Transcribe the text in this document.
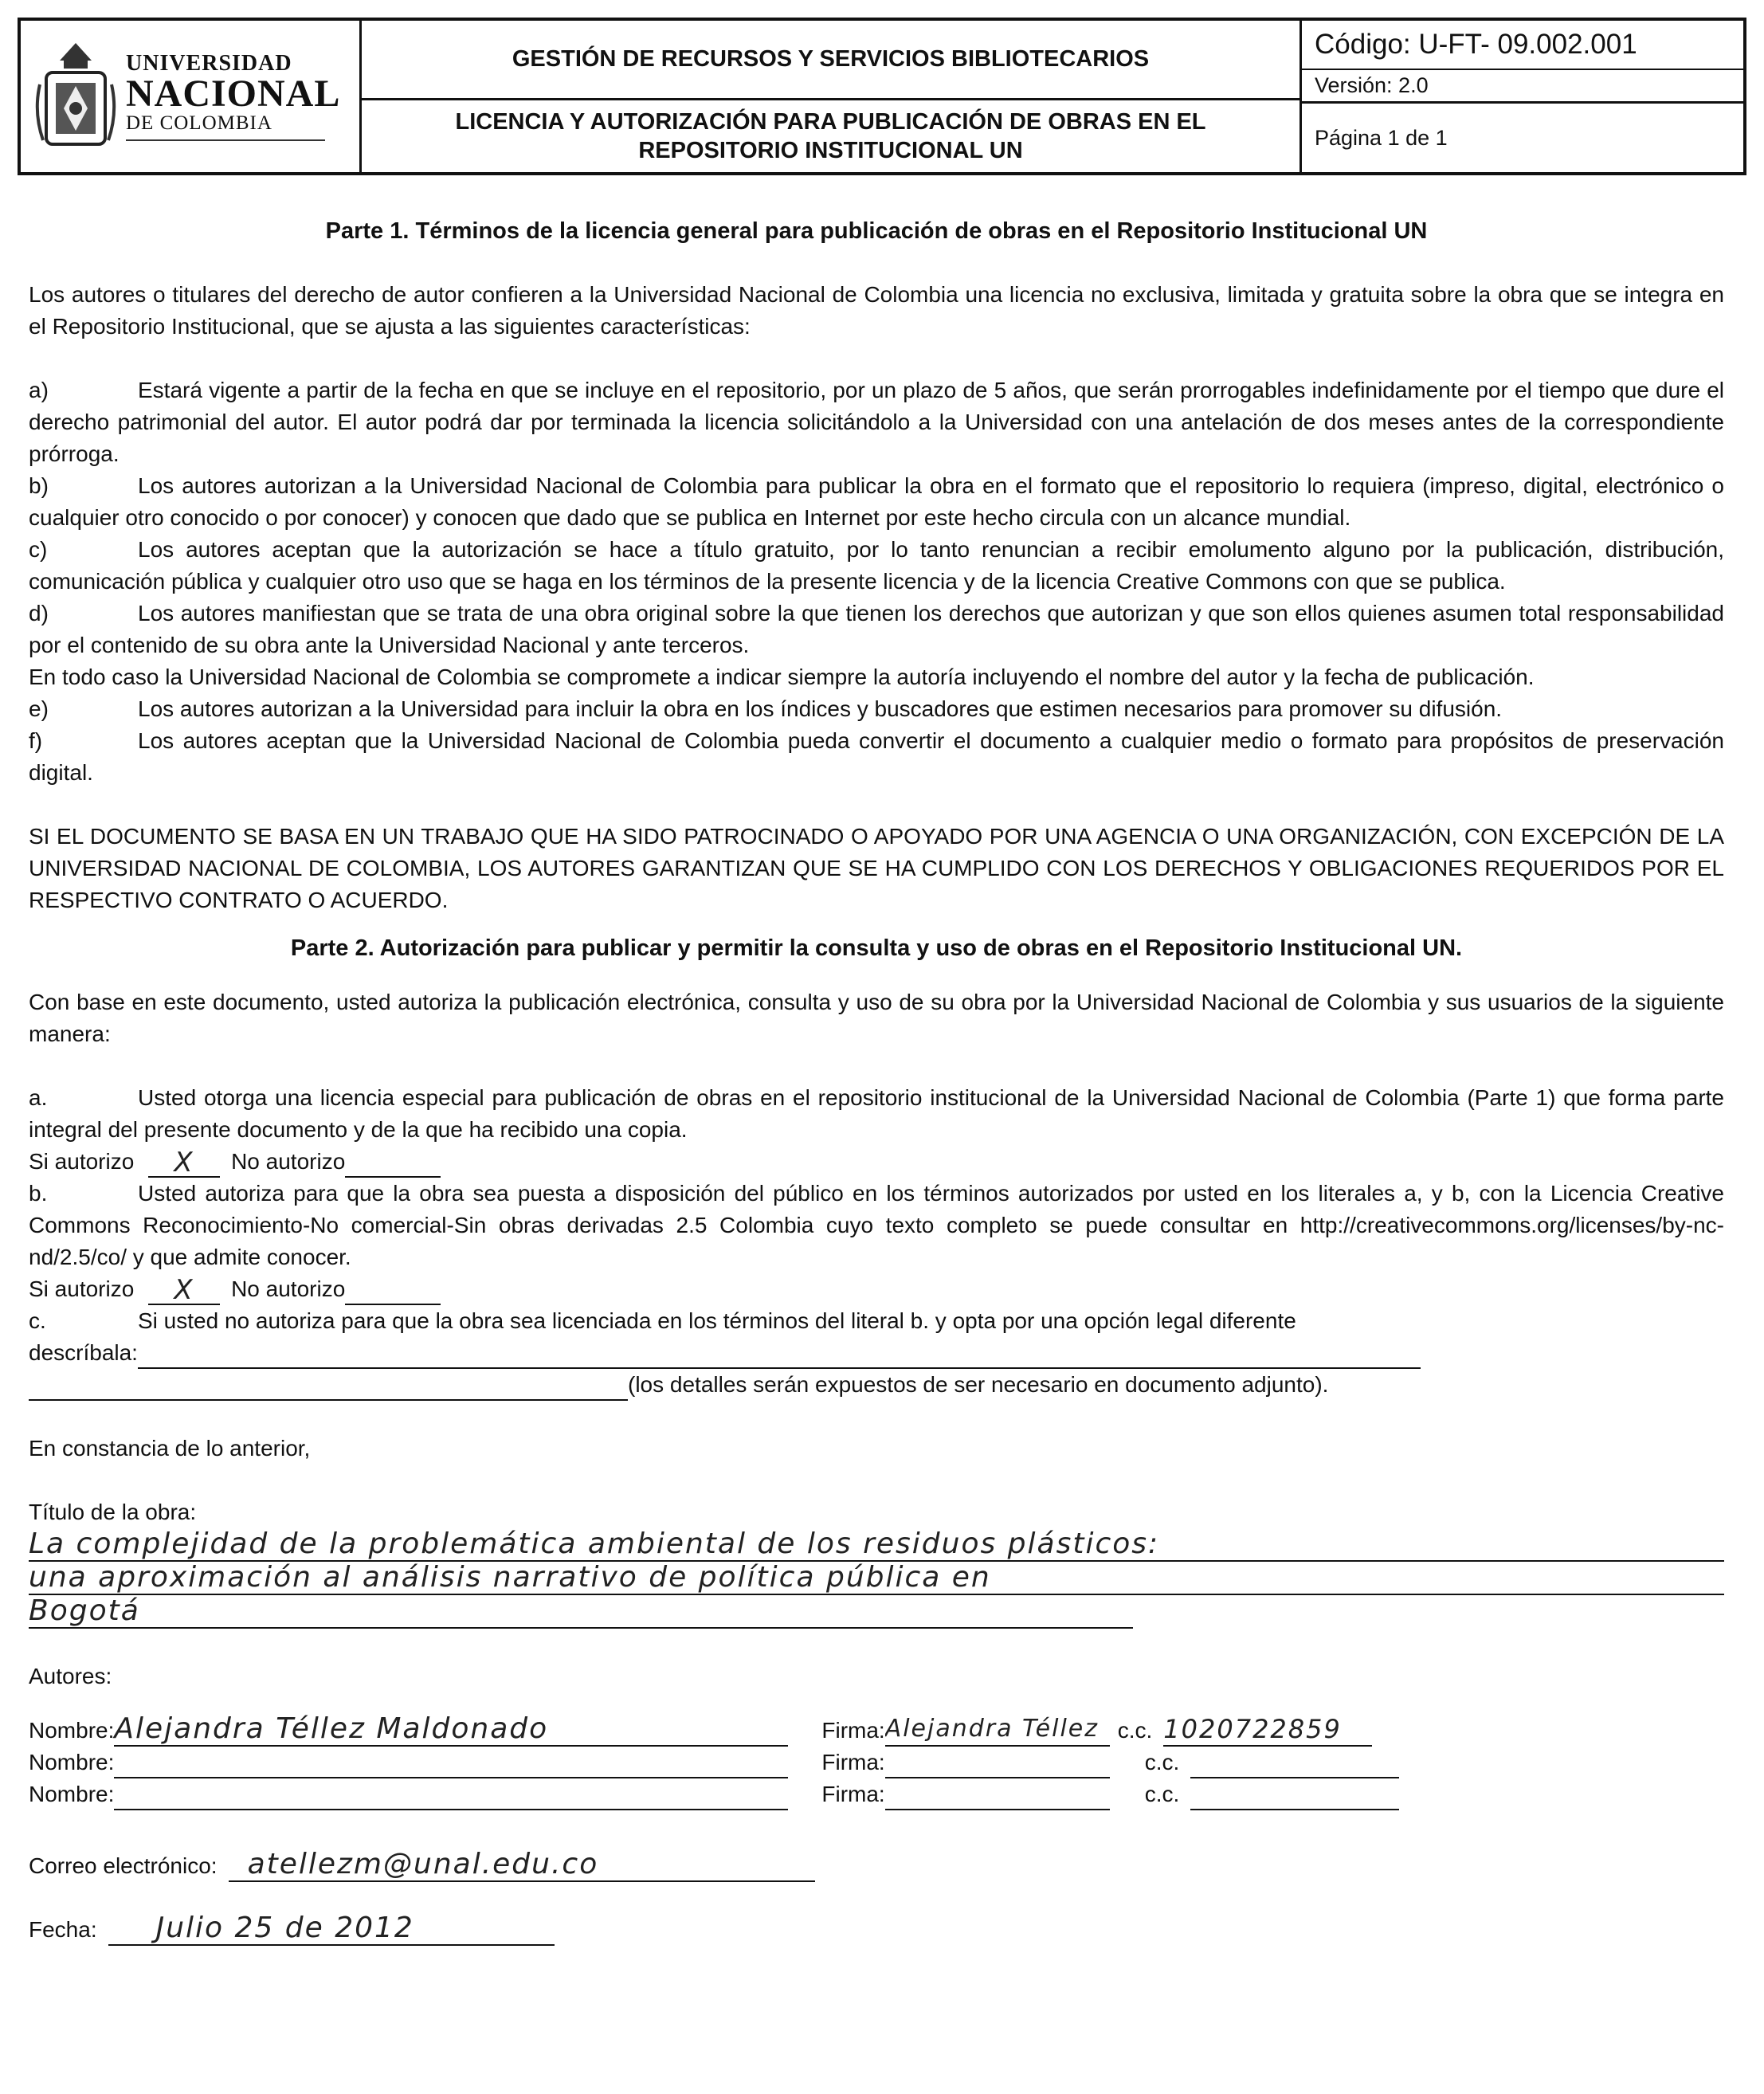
UNIVERSIDAD
NACIONAL
DE COLOMBIA
GESTIÓN DE RECURSOS Y SERVICIOS BIBLIOTECARIOS
LICENCIA Y AUTORIZACIÓN PARA PUBLICACIÓN DE OBRAS EN EL REPOSITORIO INSTITUCIONAL UN
Código: U-FT- 09.002.001
Versión: 2.0
Página 1 de 1

Parte 1. Términos de la licencia general para publicación de obras en el Repositorio Institucional UN

Los autores o titulares del derecho de autor confieren a la Universidad Nacional de Colombia una licencia no exclusiva, limitada y gratuita sobre la obra que se integra en el Repositorio Institucional, que se ajusta a las siguientes características:

a)	Estará vigente a partir de la fecha en que se incluye en el repositorio, por un plazo de 5 años, que serán prorrogables indefinidamente por el tiempo que dure el derecho patrimonial del autor. El autor podrá dar por terminada la licencia solicitándolo a la Universidad con una antelación de dos meses antes de la correspondiente prórroga.

b)	Los autores autorizan a la Universidad Nacional de Colombia para publicar la obra en el formato que el repositorio lo requiera (impreso, digital, electrónico o cualquier otro conocido o por conocer) y conocen que dado que se publica en Internet por este hecho circula con un alcance mundial.

c)	Los autores aceptan que la autorización se hace a título gratuito, por lo tanto renuncian a recibir emolumento alguno por la publicación, distribución, comunicación pública y cualquier otro uso que se haga en los términos de la presente licencia y de la licencia Creative Commons con que se publica.

d)	Los autores manifiestan que se trata de una obra original sobre la que tienen los derechos que autorizan y que son ellos quienes asumen total responsabilidad por el contenido de su obra ante la Universidad Nacional y ante terceros.

En todo caso la Universidad Nacional de Colombia se compromete a indicar siempre la autoría incluyendo el nombre del autor y la fecha de publicación.

e)	Los autores autorizan a la Universidad para incluir la obra en los índices y buscadores que estimen necesarios para promover su difusión.

f)	Los autores aceptan que la Universidad Nacional de Colombia pueda convertir el documento a cualquier medio o formato para propósitos de preservación digital.

SI EL DOCUMENTO SE BASA EN UN TRABAJO QUE HA SIDO PATROCINADO O APOYADO POR UNA AGENCIA O UNA ORGANIZACIÓN, CON EXCEPCIÓN DE LA UNIVERSIDAD NACIONAL DE COLOMBIA, LOS AUTORES GARANTIZAN QUE SE HA CUMPLIDO CON LOS DERECHOS Y OBLIGACIONES REQUERIDOS POR EL RESPECTIVO CONTRATO O ACUERDO.

Parte 2. Autorización para publicar y permitir la consulta y uso de obras en el Repositorio Institucional UN.

Con base en este documento, usted autoriza la publicación electrónica, consulta y uso de su obra por la Universidad Nacional de Colombia y sus usuarios de la siguiente manera:

a.	Usted otorga una licencia especial para publicación de obras en el repositorio institucional de la Universidad Nacional de Colombia (Parte 1) que forma parte integral del presente documento y de la que ha recibido una copia.

Si autorizo
	X	No autorizo

b.	Usted autoriza para que la obra sea puesta a disposición del público en los términos autorizados por usted en los literales a, y b, con la Licencia Creative Commons Reconocimiento-No comercial-Sin obras derivadas 2.5 Colombia cuyo texto completo se puede consultar en http://creativecommons.org/licenses/by-nc-nd/2.5/co/ y que admite conocer.

Si autorizo
	X	No autorizo

c.	Si usted no autoriza para que la obra sea licenciada en los términos del literal b. y opta por una opción legal diferente

descríbala:
(los detalles serán expuestos de ser necesario en documento adjunto).

En constancia de lo anterior,

Título de la obra:

La complejidad de la problemática ambiental de los residuos plásticos:
una aproximación al análisis narrativo de política pública en
Bogotá

Autores:

Nombre: Alejandra Téllez Maldonado	Firma: Alejandra Téllez c.c. 1020722859
Nombre:	Firma:	c.c.
Nombre:	Firma:	c.c.
Correo electrónico:	atellezm@unal.edu.co
Fecha:	Julio 25 de 2012
